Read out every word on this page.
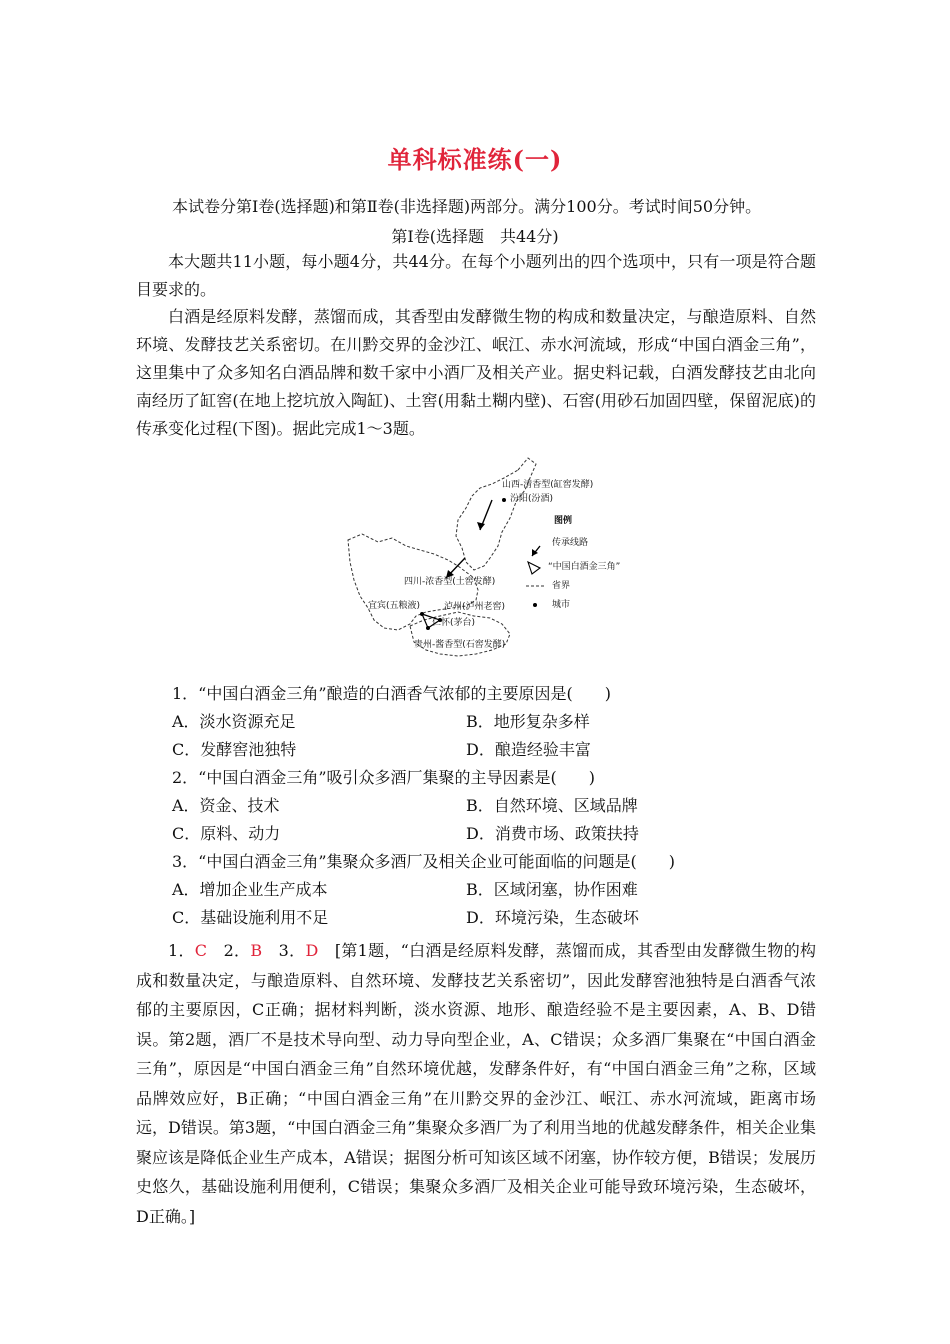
单科标准练(一)
本试卷分第Ⅰ卷(选择题)和第Ⅱ卷(非选择题)两部分。满分100分。考试时间50分钟。
第Ⅰ卷(选择题　共44分)
本大题共11小题，每小题4分，共44分。在每个小题列出的四个选项中，只有一项是符合题目要求的。
白酒是经原料发酵，蒸馏而成，其香型由发酵微生物的构成和数量决定，与酿造原料、自然环境、发酵技艺关系密切。在川黔交界的金沙江、岷江、赤水河流域，形成“中国白酒金三角”，这里集中了众多知名白酒品牌和数千家中小酒厂及相关产业。据史料记载，白酒发酵技艺由北向南经历了缸窖(在地上挖坑放入陶缸)、土窖(用黏土糊内壁)、石窖(用砂石加固四壁，保留泥底)的传承变化过程(下图)。据此完成1～3题。
山西-清香型(缸窖发酵)
汾阳(汾酒)
四川-浓香型(土窖发酵)
宜宾(五粮液)	泸州(泸州老窖)
仁怀(茅台)
贵州-酱香型(石窖发酵)
图例
传承线路
“中国白酒金三角”
省界
城市
1．“中国白酒金三角”酿造的白酒香气浓郁的主要原因是(　　)
A．淡水资源充足	B．地形复杂多样
C．发酵窖池独特	D．酿造经验丰富
2．“中国白酒金三角”吸引众多酒厂集聚的主导因素是(　　)
A．资金、技术	B．自然环境、区域品牌
C．原料、动力	D．消费市场、政策扶持
3．“中国白酒金三角”集聚众多酒厂及相关企业可能面临的问题是(　　)
A．增加企业生产成本	B．区域闭塞，协作困难
C．基础设施利用不足	D．环境污染，生态破坏
1．C　2．B　3．D　[第1题，“白酒是经原料发酵，蒸馏而成，其香型由发酵微生物的构成和数量决定，与酿造原料、自然环境、发酵技艺关系密切”，因此发酵窖池独特是白酒香气浓郁的主要原因，C正确；据材料判断，淡水资源、地形、酿造经验不是主要因素，A、B、D错误。第2题，酒厂不是技术导向型、动力导向型企业，A、C错误；众多酒厂集聚在“中国白酒金三角”，原因是“中国白酒金三角”自然环境优越，发酵条件好，有“中国白酒金三角”之称，区域品牌效应好，B正确；“中国白酒金三角”在川黔交界的金沙江、岷江、赤水河流域，距离市场远，D错误。第3题，“中国白酒金三角”集聚众多酒厂为了利用当地的优越发酵条件，相关企业集聚应该是降低企业生产成本，A错误；据图分析可知该区域不闭塞，协作较方便，B错误；发展历史悠久，基础设施利用便利，C错误；集聚众多酒厂及相关企业可能导致环境污染，生态破坏，D正确。]
